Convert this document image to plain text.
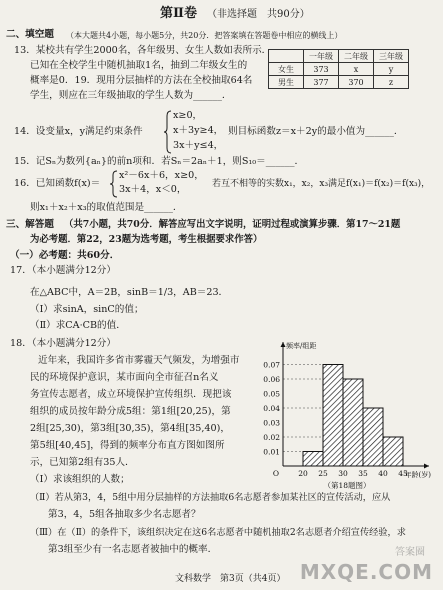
第Ⅱ卷 （非选择题　共90分）
二、填空题 （本大题共4小题，每小题5分，共20分．把答案填在答题卷中相应的横线上）
13．某校共有学生2000名，各年级男、女生人数如表所示．
已知在全校学生中随机抽取1名，抽到二年级女生的
概率是0．19．现用分层抽样的方法在全校抽取64名
学生，则应在三年级抽取的学生人数为______．
	一年级	二年级	三年级
女生	373	x	y
男生	377	370	z
14．设变量x，y满足约束条件
x≥0，
x＋3y≥4，
3x＋y≤4，
则目标函数z＝x＋2y的最小值为______．
15．记Sₙ为数列{aₙ}的前n项和．若Sₙ＝2aₙ＋1，则S₁₀＝______．
16．已知函数f(x)＝
x²－6x＋6，x≥0，
3x＋4，x＜0，	若互不相等的实数x₁，x₂，x₃满足f(x₁)＝f(x₂)＝f(x₃)，
则x₁＋x₂＋x₃的取值范围是______．
三、解答题 （共7小题，共70分．解答应写出文字说明，证明过程或演算步骤．第17～21题
为必考题．第22，23题为选考题，考生根据要求作答）
（一）必考题：共60分．
17．（本小题满分12分）
在△ABC中，A＝2B，sinB＝1/3，AB＝23．
（Ⅰ）求sinA，sinC的值；
（Ⅱ）求CA·CB的值．
18．（本小题满分12分）
近年来，我国许多省市雾霾天气频发，为增强市
民的环境保护意识，某市面向全市征召n名义
务宣传志愿者，成立环境保护宣传组织．现把该
组织的成员按年龄分成5组：第1组[20,25)，第
2组[25,30)，第3组[30,35)，第4组[35,40)，
第5组[40,45]，得到的频率分布直方图如图所
示，已知第2组有35人．
（Ⅰ）求该组织的人数；
（Ⅱ）若从第3，4，5组中用分层抽样的方法抽取6名志愿者参加某社区的宣传活动，应从
第3，4，5组各抽取多少名志愿者？
（Ⅲ）在（Ⅱ）的条件下，该组织决定在这6名志愿者中随机抽取2名志愿者介绍宣传经验，求
第3组至少有一名志愿者被抽中的概率．
0.07
0.06
0.05
0.04
0.03
0.02
0.01
20 25 30 35 40 45
O
频率/组距
年龄(岁)
（第18题图）
文科数学　第3页（共4页）
答案圈
MXQE.COM
